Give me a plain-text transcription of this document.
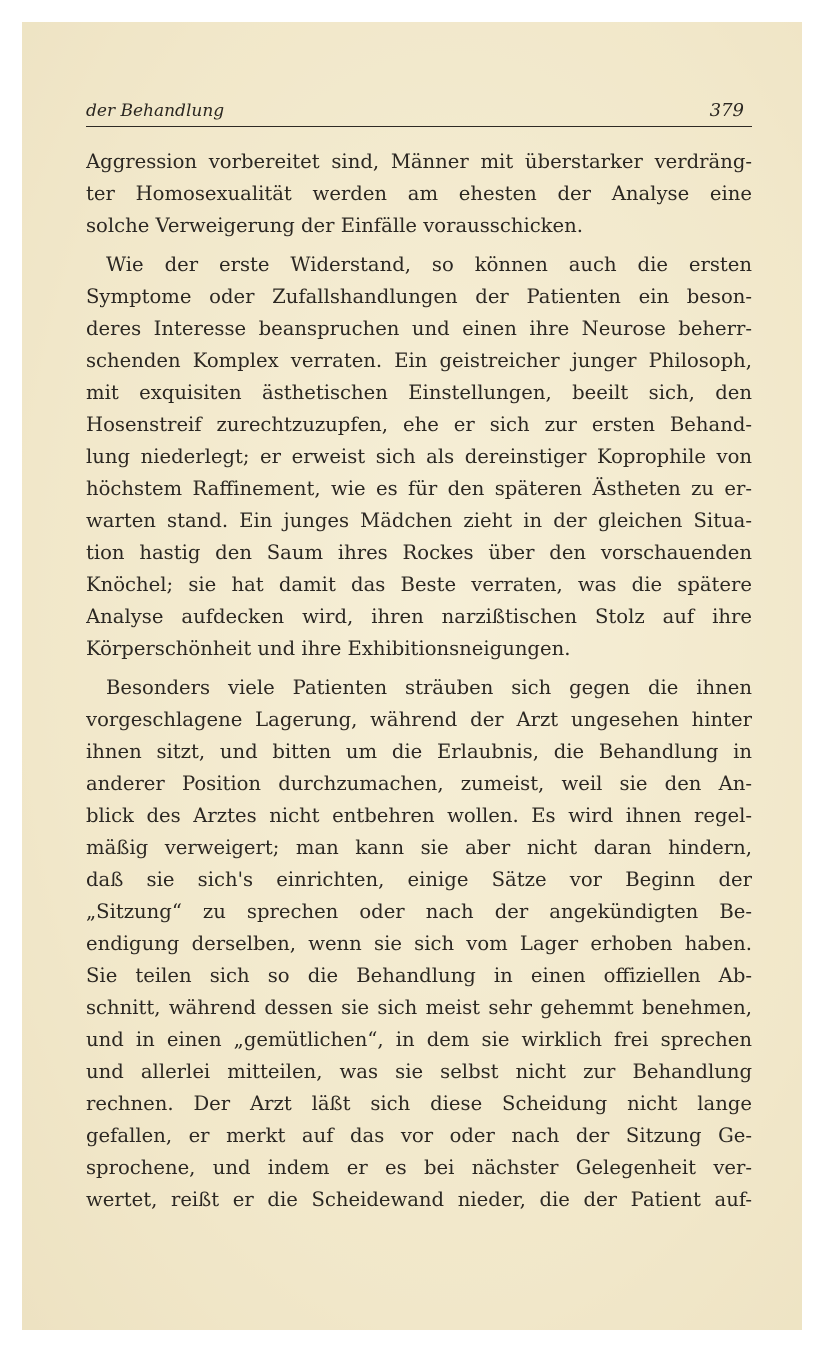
der Behandlung	379
Aggression vorbereitet sind, Männer mit überstarker verdräng-
ter Homosexualität werden am ehesten der Analyse eine
solche Verweigerung der Einfälle vorausschicken.
Wie der erste Widerstand, so können auch die ersten
Symptome oder Zufallshandlungen der Patienten ein beson-
deres Interesse beanspruchen und einen ihre Neurose beherr-
schenden Komplex verraten. Ein geistreicher junger Philosoph,
mit exquisiten ästhetischen Einstellungen, beeilt sich, den
Hosenstreif zurechtzuzupfen, ehe er sich zur ersten Behand-
lung niederlegt; er erweist sich als dereinstiger Koprophile von
höchstem Raffinement, wie es für den späteren Ästheten zu er-
warten stand. Ein junges Mädchen zieht in der gleichen Situa-
tion hastig den Saum ihres Rockes über den vorschauenden
Knöchel; sie hat damit das Beste verraten, was die spätere
Analyse aufdecken wird, ihren narzißtischen Stolz auf ihre
Körperschönheit und ihre Exhibitionsneigungen.
Besonders viele Patienten sträuben sich gegen die ihnen
vorgeschlagene Lagerung, während der Arzt ungesehen hinter
ihnen sitzt, und bitten um die Erlaubnis, die Behandlung in
anderer Position durchzumachen, zumeist, weil sie den An-
blick des Arztes nicht entbehren wollen. Es wird ihnen regel-
mäßig verweigert; man kann sie aber nicht daran hindern,
daß sie sich's einrichten, einige Sätze vor Beginn der
„Sitzung“ zu sprechen oder nach der angekündigten Be-
endigung derselben, wenn sie sich vom Lager erhoben haben.
Sie teilen sich so die Behandlung in einen offiziellen Ab-
schnitt, während dessen sie sich meist sehr gehemmt benehmen,
und in einen „gemütlichen“, in dem sie wirklich frei sprechen
und allerlei mitteilen, was sie selbst nicht zur Behandlung
rechnen. Der Arzt läßt sich diese Scheidung nicht lange
gefallen, er merkt auf das vor oder nach der Sitzung Ge-
sprochene, und indem er es bei nächster Gelegenheit ver-
wertet, reißt er die Scheidewand nieder, die der Patient auf-
